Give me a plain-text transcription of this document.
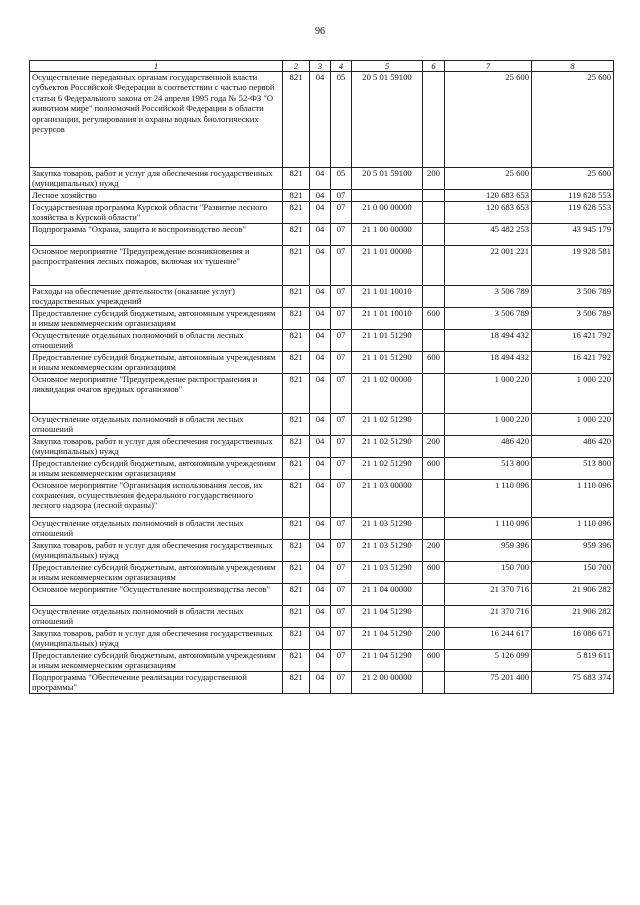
96
1	2	3	4	5	6	7	8
Осуществление переданных органам государственной власти субъектов Российской Федерации в соответствии с частью первой статьи 6 Федерального закона от 24 апреля 1995 года № 52-ФЗ "О животном мире" полномочий Российской Федерации в области организации, регулирования и охраны водных биологических ресурсов	821	04	05	20 5 01 59100		25 600	25 600
Закупка товаров, работ и услуг для обеспечения государственных (муниципальных) нужд	821	04	05	20 5 01 59100	200	25 600	25 600
Лесное хозяйство	821	04	07			120 683 653	119 628 553
Государственная программа Курской области "Развитие лесного хозяйства в Курской области"	821	04	07	21 0 00 00000		120 683 653	119 628 553
Подпрограмма "Охрана, защита и воспроизводство лесов"	821	04	07	21 1 00 00000		45 482 253	43 945 179
Основное мероприятие "Предупреждение возникновения и распространения лесных пожаров, включая их тушение"	821	04	07	21 1 01 00000		22 001 221	19 928 581
Расходы на обеспечение деятельности (оказание услуг) государственных учреждений	821	04	07	21 1 01 10010		3 506 789	3 506 789
Предоставление субсидий бюджетным, автономным учреждениям и иным некоммерческим организациям	821	04	07	21 1 01 10010	600	3 506 789	3 506 789
Осуществление отдельных полномочий в области лесных отношений	821	04	07	21 1 01 51290		18 494 432	16 421 792
Предоставление субсидий бюджетным, автономным учреждениям и иным некоммерческим организациям	821	04	07	21 1 01 51290	600	18 494 432	16 421 792
Основное мероприятие "Предупреждение распространения и ликвидация очагов вредных организмов"	821	04	07	21 1 02 00000		1 000 220	1 000 220
Осуществление отдельных полномочий в области лесных отношений	821	04	07	21 1 02 51290		1 000 220	1 000 220
Закупка товаров, работ и услуг для обеспечения государственных (муниципальных) нужд	821	04	07	21 1 02 51290	200	486 420	486 420
Предоставление субсидий бюджетным, автономным учреждениям и иным некоммерческим организациям	821	04	07	21 1 02 51290	600	513 800	513 800
Основное мероприятие "Организация использования лесов, их сохранения, осуществления федерального государственного лесного надзора (лесной охраны)"	821	04	07	21 1 03 00000		1 110 096	1 110 096
Осуществление отдельных полномочий в области лесных отношений	821	04	07	21 1 03 51290		1 110 096	1 110 096
Закупка товаров, работ и услуг для обеспечения государственных (муниципальных) нужд	821	04	07	21 1 03 51290	200	959 396	959 396
Предоставление субсидий бюджетным, автономным учреждениям и иным некоммерческим организациям	821	04	07	21 1 03 51290	600	150 700	150 700
Основное мероприятие "Осуществление воспроизводства лесов"	821	04	07	21 1 04 00000		21 370 716	21 906 282
Осуществление отдельных полномочий в области лесных отношений	821	04	07	21 1 04 51290		21 370 716	21 906 282
Закупка товаров, работ и услуг для обеспечения государственных (муниципальных) нужд	821	04	07	21 1 04 51290	200	16 244 617	16 086 671
Предоставление субсидий бюджетным, автономным учреждениям и иным некоммерческим организациям	821	04	07	21 1 04 51290	600	5 126 099	5 819 611
Подпрограмма "Обеспечение реализации государственной программы"	821	04	07	21 2 00 00000		75 201 400	75 683 374
